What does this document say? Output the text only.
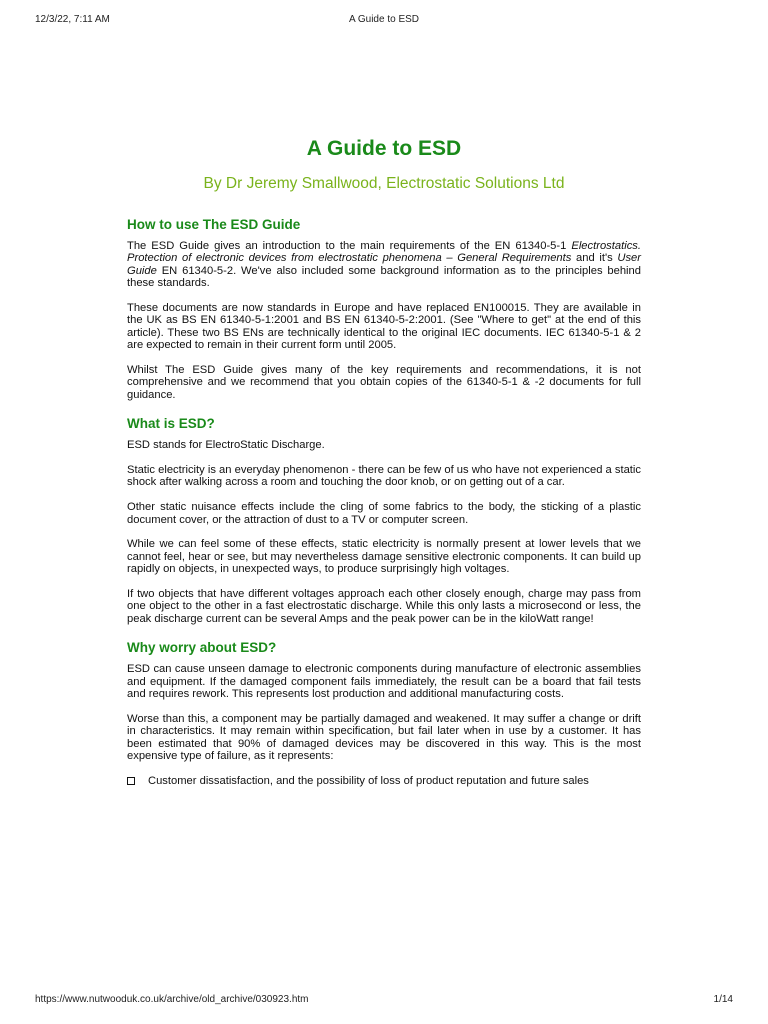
12/3/22, 7:11 AM	A Guide to ESD
A Guide to ESD
By Dr Jeremy Smallwood, Electrostatic Solutions Ltd
How to use The ESD Guide

The ESD Guide gives an introduction to the main requirements of the EN 61340-5-1 Electrostatics. Protection of electronic devices from electrostatic phenomena – General Requirements and it's User Guide EN 61340-5-2. We've also included some background information as to the principles behind these standards.

These documents are now standards in Europe and have replaced EN100015. They are available in the UK as BS EN 61340-5-1:2001 and BS EN 61340-5-2:2001. (See "Where to get" at the end of this article). These two BS ENs are technically identical to the original IEC documents. IEC 61340-5-1 & 2 are expected to remain in their current form until 2005.

Whilst The ESD Guide gives many of the key requirements and recommendations, it is not comprehensive and we recommend that you obtain copies of the 61340-5-1 & -2 documents for full guidance.

What is ESD?

ESD stands for ElectroStatic Discharge.

Static electricity is an everyday phenomenon - there can be few of us who have not experienced a static shock after walking across a room and touching the door knob, or on getting out of a car.

Other static nuisance effects include the cling of some fabrics to the body, the sticking of a plastic document cover, or the attraction of dust to a TV or computer screen.

While we can feel some of these effects, static electricity is normally present at lower levels that we cannot feel, hear or see, but may nevertheless damage sensitive electronic components. It can build up rapidly on objects, in unexpected ways, to produce surprisingly high voltages.

If two objects that have different voltages approach each other closely enough, charge may pass from one object to the other in a fast electrostatic discharge. While this only lasts a microsecond or less, the peak discharge current can be several Amps and the peak power can be in the kiloWatt range!

Why worry about ESD?

ESD can cause unseen damage to electronic components during manufacture of electronic assemblies and equipment. If the damaged component fails immediately, the result can be a board that fail tests and requires rework. This represents lost production and additional manufacturing costs.

Worse than this, a component may be partially damaged and weakened. It may suffer a change or drift in characteristics. It may remain within specification, but fail later when in use by a customer. It has been estimated that 90% of damaged devices may be discovered in this way. This is the most expensive type of failure, as it represents:

Customer dissatisfaction, and the possibility of loss of product reputation and future sales
https://www.nutwooduk.co.uk/archive/old_archive/030923.htm	1/14
